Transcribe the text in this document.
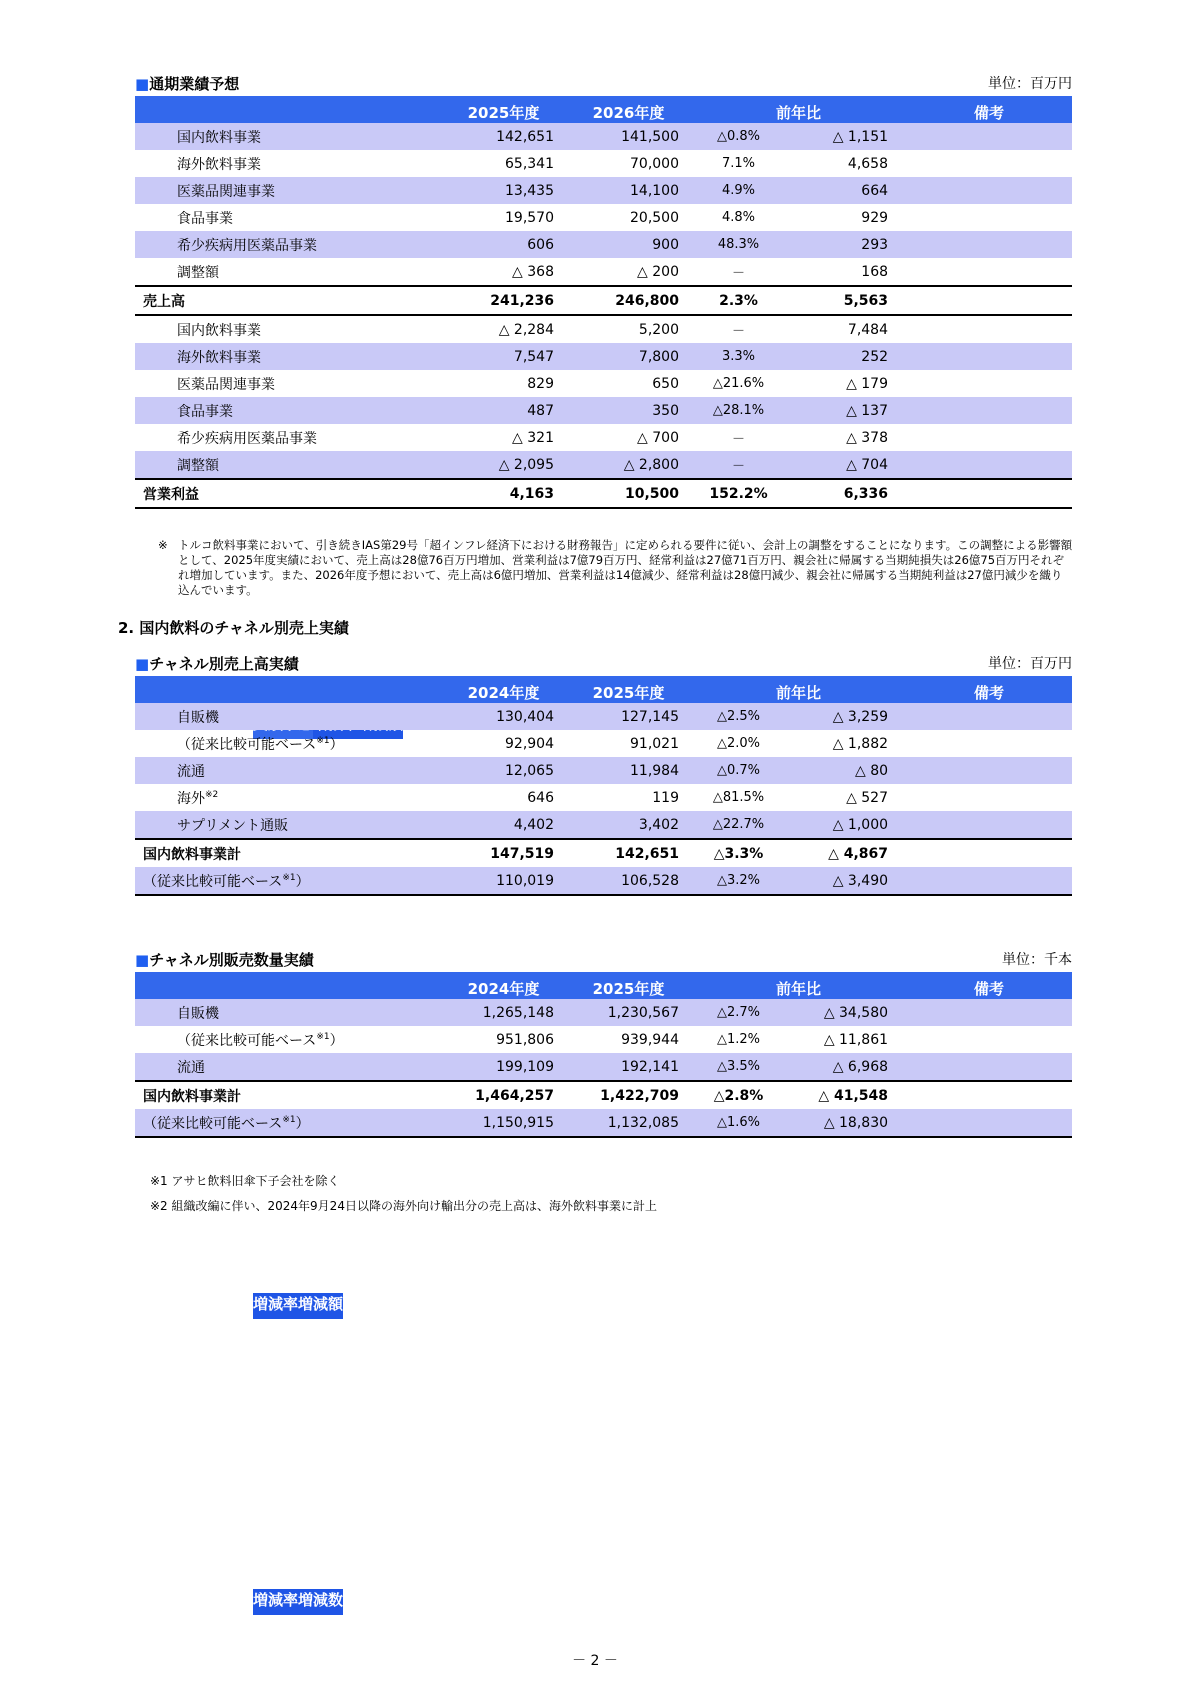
■通期業績予想	単位：百万円
	2025年度	2026年度	前年比	備考

国内飲料事業	142,651	141,500	△0.8%	△ 1,151	
海外飲料事業	65,341	70,000	7.1%	4,658	
医薬品関連事業	13,435	14,100	4.9%	664	
食品事業	19,570	20,500	4.8%	929	
希少疾病用医薬品事業	606	900	48.3%	293	
調整額	△ 368	△ 200	－	168	
売上高	241,236	246,800	2.3%	5,563	
国内飲料事業	△ 2,284	5,200	－	7,484	
海外飲料事業	7,547	7,800	3.3%	252	
医薬品関連事業	829	650	△21.6%	△ 179	
食品事業	487	350	△28.1%	△ 137	
希少疾病用医薬品事業	△ 321	△ 700	－	△ 378	
調整額	△ 2,095	△ 2,800	－	△ 704	
営業利益	4,163	10,500	152.2%	6,336	
※ トルコ飲料事業において、引き続きIAS第29号「超インフレ経済下における財務報告」に定められる要件に従い、会計上の調整をすることになります。この調整による影響額として、2025年度実績において、売上高は28億76百万円増加、営業利益は7億79百万円、経常利益は27億71百万円、親会社に帰属する当期純損失は26億75百万円それぞれ増加しています。また、2026年度予想において、売上高は6億円増加、営業利益は14億減少、経常利益は28億円減少、親会社に帰属する当期純利益は27億円減少を織り込んでいます。
2. 国内飲料のチャネル別売上実績
■チャネル別売上高実績	単位：百万円
	2024年度	2025年度	前年比	備考

増減率	増減額
自販機	130,404	127,145	△2.5%	△ 3,259	
（従来比較可能ベース$^{※1}$）	92,904	91,021	△2.0%	△ 1,882	
流通	12,065	11,984	△0.7%	△ 80	
海外$^{※2}$	646	119	△81.5%	△ 527	
サプリメント通販	4,402	3,402	△22.7%	△ 1,000	
国内飲料事業計	147,519	142,651	△3.3%	△ 4,867	
（従来比較可能ベース$^{※1}$）	110,019	106,528	△3.2%	△ 3,490	
■チャネル別販売数量実績	単位：千本
	2024年度	2025年度	前年比	備考

増減率	増減数
自販機	1,265,148	1,230,567	△2.7%	△ 34,580	
（従来比較可能ベース$^{※1}$）	951,806	939,944	△1.2%	△ 11,861	
流通	199,109	192,141	△3.5%	△ 6,968	
国内飲料事業計	1,464,257	1,422,709	△2.8%	△ 41,548	
（従来比較可能ベース$^{※1}$）	1,150,915	1,132,085	△1.6%	△ 18,830	
※1 アサヒ飲料旧傘下子会社を除く
※2 組織改編に伴い、2024年9月24日以降の海外向け輸出分の売上高は、海外飲料事業に計上
－ 2 －
